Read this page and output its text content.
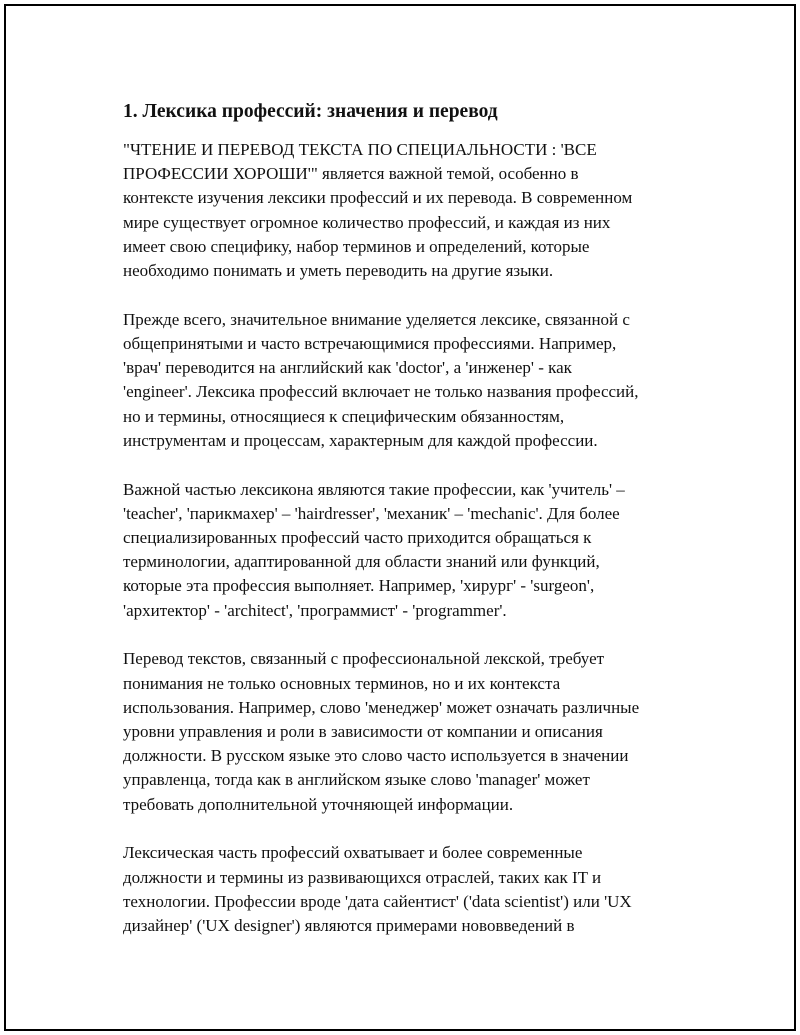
1. Лексика профессий: значения и перевод

"ЧТЕНИЕ И ПЕРЕВОД ТЕКСТА ПО СПЕЦИАЛЬНОСТИ : 'ВСЕ
ПРОФЕССИИ ХОРОШИ'" является важной темой, особенно в
контексте изучения лексики профессий и их перевода. В современном
мире существует огромное количество профессий, и каждая из них
имеет свою специфику, набор терминов и определений, которые
необходимо понимать и уметь переводить на другие языки.

Прежде всего, значительное внимание уделяется лексике, связанной с
общепринятыми и часто встречающимися профессиями. Например,
'врач' переводится на английский как 'doctor', а 'инженер' - как
'engineer'. Лексика профессий включает не только названия профессий,
но и термины, относящиеся к специфическим обязанностям,
инструментам и процессам, характерным для каждой профессии.

Важной частью лексикона являются такие профессии, как 'учитель' –
'teacher', 'парикмахер' – 'hairdresser', 'механик' – 'mechanic'. Для более
специализированных профессий часто приходится обращаться к
терминологии, адаптированной для области знаний или функций,
которые эта профессия выполняет. Например, 'хирург' - 'surgeon',
'архитектор' - 'architect', 'программист' - 'programmer'.

Перевод текстов, связанный с профессиональной лекской, требует
понимания не только основных терминов, но и их контекста
использования. Например, слово 'менеджер' может означать различные
уровни управления и роли в зависимости от компании и описания
должности. В русском языке это слово часто используется в значении
управленца, тогда как в английском языке слово 'manager' может
требовать дополнительной уточняющей информации.

Лексическая часть профессий охватывает и более современные
должности и термины из развивающихся отраслей, таких как IT и
технологии. Профессии вроде 'дата сайентист' ('data scientist') или 'UX
дизайнер' ('UX designer') являются примерами нововведений в
